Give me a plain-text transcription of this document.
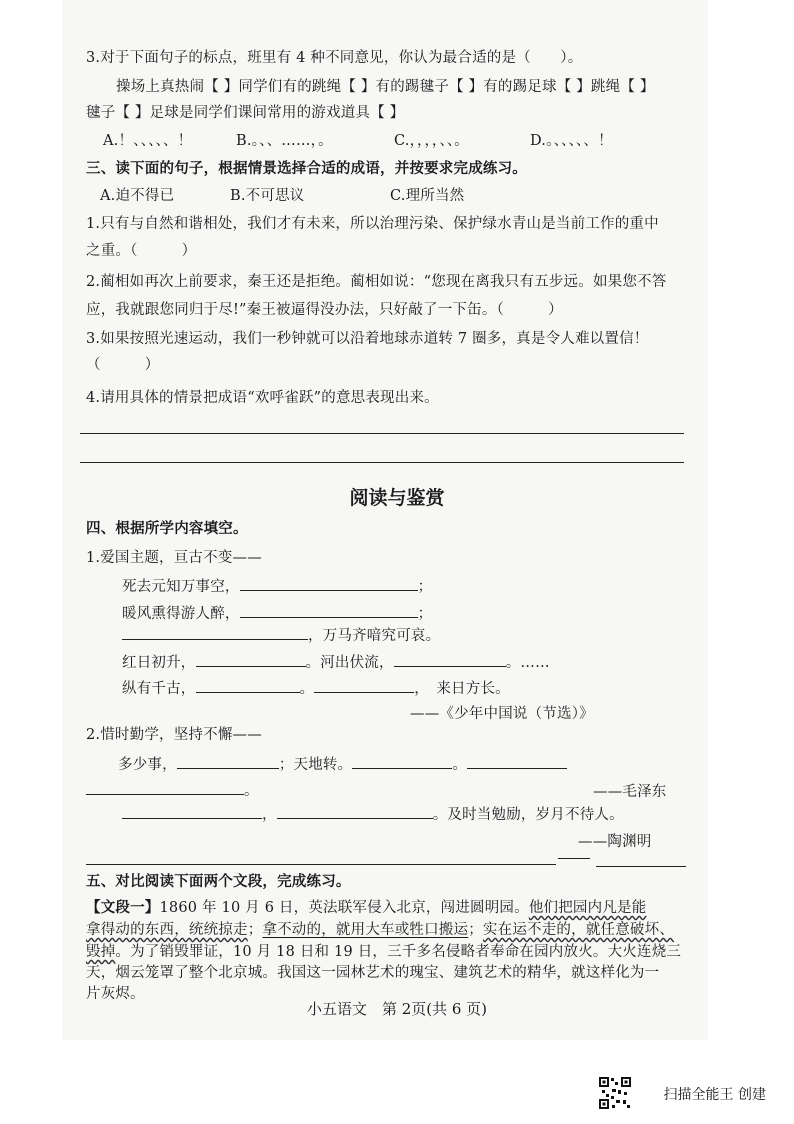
3.对于下面句子的标点，班里有 4 种不同意见，你认为最合适的是（　　）。
操场上真热闹【 】同学们有的跳绳【 】有的踢毽子【 】有的踢足球【 】跳绳【 】
毽子【 】足球是同学们课间常用的游戏道具【 】
A.！、、、、、！	B.。、、……，。	C.，，，，、、。	D.。、、、、、！
三、读下面的句子，根据情景选择合适的成语，并按要求完成练习。
A.迫不得已	B.不可思议	C.理所当然
1.只有与自然和谐相处，我们才有未来，所以治理污染、保护绿水青山是当前工作的重中
之重。（　　　）
2.蔺相如再次上前要求，秦王还是拒绝。蔺相如说：“您现在离我只有五步远。如果您不答
应，我就跟您同归于尽!”秦王被逼得没办法，只好敲了一下缶。（　　　）
3.如果按照光速运动，我们一秒钟就可以沿着地球赤道转 7 圈多，真是令人难以置信！
（　　　）
4.请用具体的情景把成语“欢呼雀跃”的意思表现出来。
阅读与鉴赏
四、根据所学内容填空。
1.爱国主题，亘古不变——
死去元知万事空，	；
暖风熏得游人醉，	；
，万马齐喑究可哀。
红日初升，	。河出伏流，	。……
纵有千古，	。	，　来日方长。
——《少年中国说（节选）》
2.惜时勤学，坚持不懈——
多少事，	；天地转。	。
。	——毛泽东
，	。及时当勉励，岁月不待人。
——陶渊明
五、对比阅读下面两个文段，完成练习。
【文段一】1860 年 10 月 6 日，英法联军侵入北京，闯进圆明园。他们把园内凡是能
拿得动的东西，统统掠走；拿不动的，就用大车或牲口搬运；实在运不走的，就任意破坏、
毁掉。为了销毁罪证，10 月 18 日和 19 日，三千多名侵略者奉命在园内放火。大火连烧三
天，烟云笼罩了整个北京城。我国这一园林艺术的瑰宝、建筑艺术的精华，就这样化为一
片灰烬。
小五语文　第 2页(共 6 页)
扫描全能王 创建
